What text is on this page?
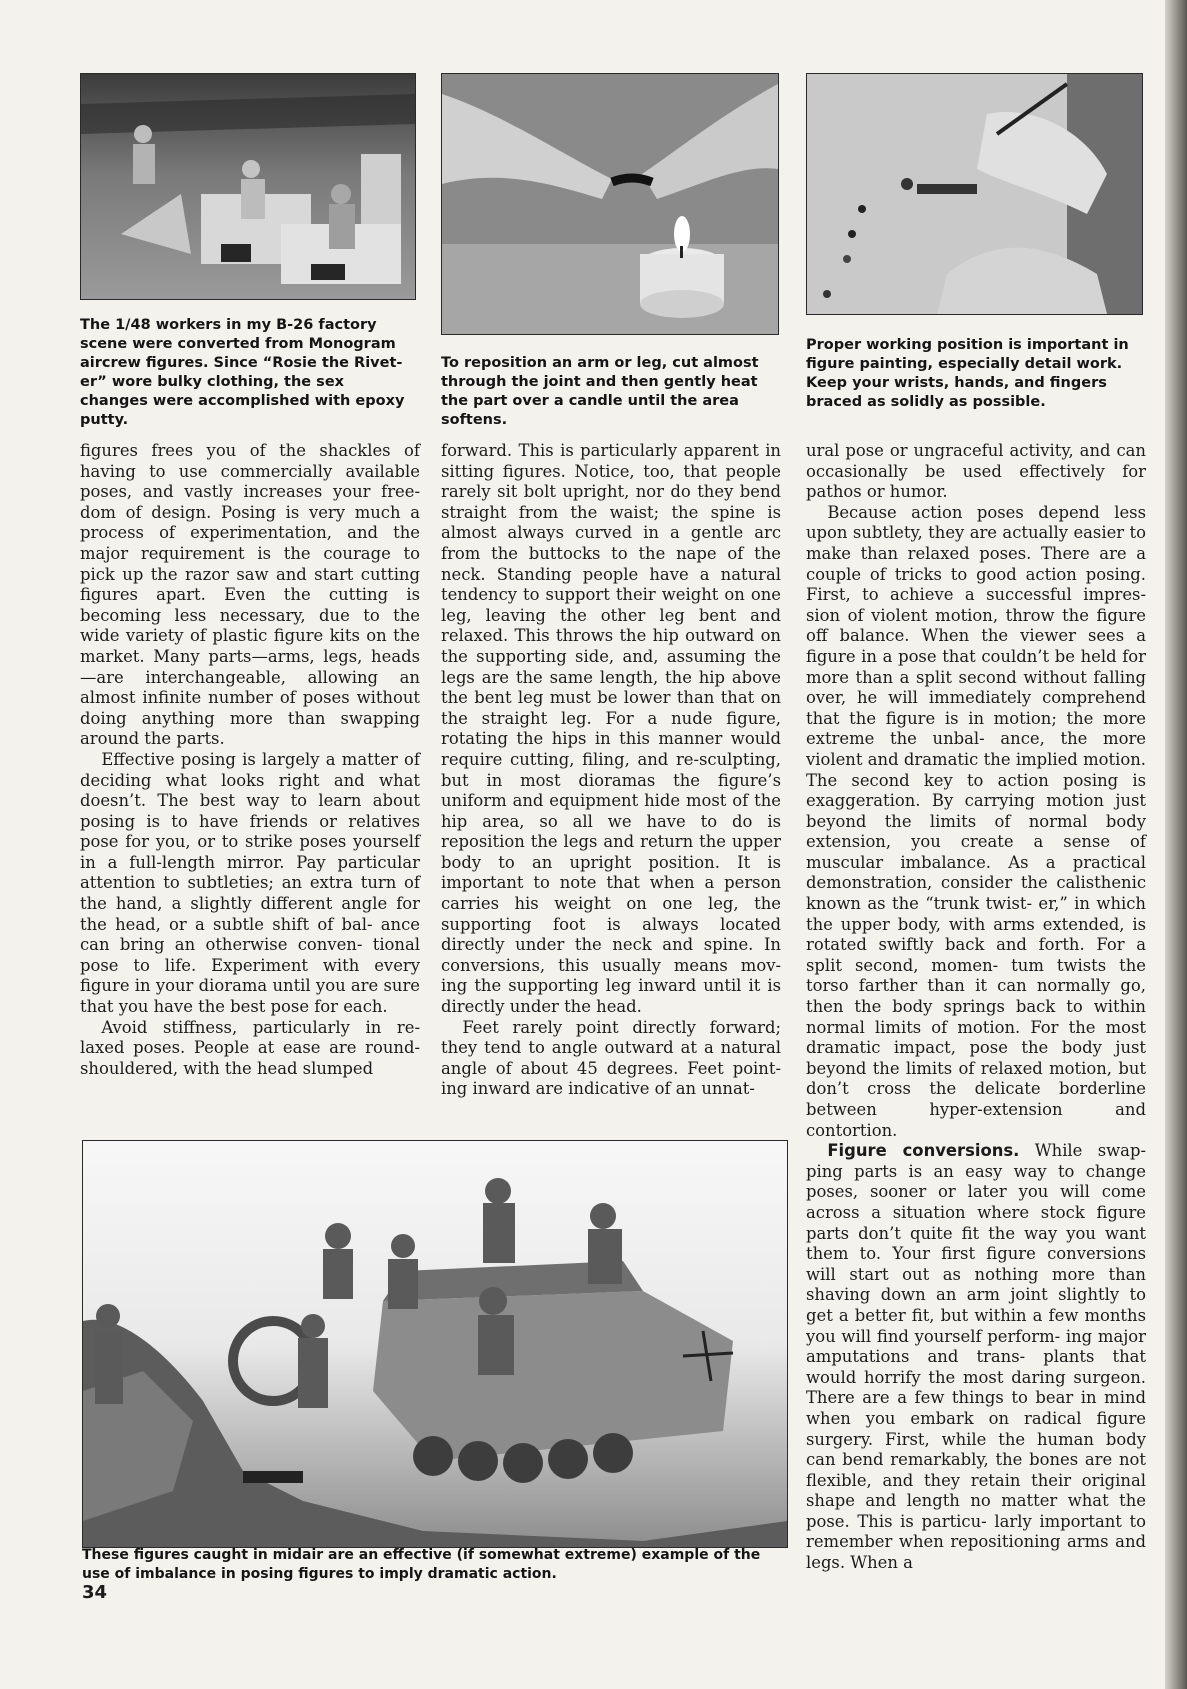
The 1/48 workers in my B-26 factory scene were converted from Monogram aircrew figures. Since “Rosie the Rivet- er” wore bulky clothing, the sex changes were accomplished with epoxy putty.
To reposition an arm or leg, cut almost through the joint and then gently heat the part over a candle until the area softens.
Proper working position is important in figure painting, especially detail work. Keep your wrists, hands, and fingers braced as solidly as possible.

figures frees you of the shackles of having to use commercially available poses, and vastly increases your free- dom of design. Posing is very much a process of experimentation, and the major requirement is the courage to pick up the razor saw and start cutting figures apart. Even the cutting is becoming less necessary, due to the wide variety of plastic figure kits on the market. Many parts—arms, legs, heads—are interchangeable, allowing an almost infinite number of poses without doing anything more than swapping around the parts.

Effective posing is largely a matter of deciding what looks right and what doesn’t. The best way to learn about posing is to have friends or relatives pose for you, or to strike poses yourself in a full-length mirror. Pay particular attention to subtleties; an extra turn of the hand, a slightly different angle for the head, or a subtle shift of bal- ance can bring an otherwise conven- tional pose to life. Experiment with every figure in your diorama until you are sure that you have the best pose for each.

Avoid stiffness, particularly in re- laxed poses. People at ease are round- shouldered, with the head slumped

forward. This is particularly apparent in sitting figures. Notice, too, that people rarely sit bolt upright, nor do they bend straight from the waist; the spine is almost always curved in a gentle arc from the buttocks to the nape of the neck. Standing people have a natural tendency to support their weight on one leg, leaving the other leg bent and relaxed. This throws the hip outward on the supporting side, and, assuming the legs are the same length, the hip above the bent leg must be lower than that on the straight leg. For a nude figure, rotating the hips in this manner would require cutting, filing, and re-sculpting, but in most dioramas the figure’s uniform and equipment hide most of the hip area, so all we have to do is reposition the legs and return the upper body to an upright position. It is important to note that when a person carries his weight on one leg, the supporting foot is always located directly under the neck and spine. In conversions, this usually means mov- ing the supporting leg inward until it is directly under the head.

Feet rarely point directly forward; they tend to angle outward at a natural angle of about 45 degrees. Feet point- ing inward are indicative of an unnat-

ural pose or ungraceful activity, and can occasionally be used effectively for pathos or humor.

Because action poses depend less upon subtlety, they are actually easier to make than relaxed poses. There are a couple of tricks to good action posing. First, to achieve a successful impres- sion of violent motion, throw the figure off balance. When the viewer sees a figure in a pose that couldn’t be held for more than a split second without falling over, he will immediately comprehend that the figure is in motion; the more extreme the unbal- ance, the more violent and dramatic the implied motion. The second key to action posing is exaggeration. By carrying motion just beyond the limits of normal body extension, you create a sense of muscular imbalance. As a practical demonstration, consider the calisthenic known as the “trunk twist- er,” in which the upper body, with arms extended, is rotated swiftly back and forth. For a split second, momen- tum twists the torso farther than it can normally go, then the body springs back to within normal limits of motion. For the most dramatic impact, pose the body just beyond the limits of relaxed motion, but don’t cross the delicate borderline between hyper-extension and contortion.

Figure conversions. While swap- ping parts is an easy way to change poses, sooner or later you will come across a situation where stock figure parts don’t quite fit the way you want them to. Your first figure conversions will start out as nothing more than shaving down an arm joint slightly to get a better fit, but within a few months you will find yourself perform- ing major amputations and trans- plants that would horrify the most daring surgeon. There are a few things to bear in mind when you embark on radical figure surgery. First, while the human body can bend remarkably, the bones are not flexible, and they retain their original shape and length no matter what the pose. This is particu- larly important to remember when repositioning arms and legs. When a

These figures caught in midair are an effective (if somewhat extreme) example of the use of imbalance in posing figures to imply dramatic action.
34
